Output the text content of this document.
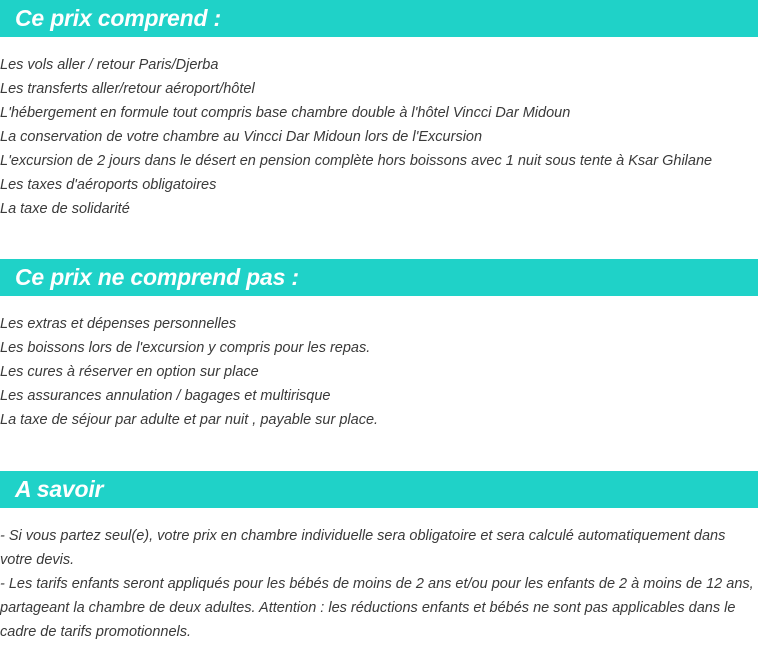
Ce prix comprend :
Les vols aller / retour Paris/Djerba
Les transferts aller/retour aéroport/hôtel
L'hébergement en formule tout compris base chambre double à l'hôtel Vincci Dar Midoun
La conservation de votre chambre au Vincci Dar Midoun lors de l'Excursion
L'excursion de 2 jours dans le désert en pension complète hors boissons avec 1 nuit sous tente à Ksar Ghilane
Les taxes d'aéroports obligatoires
La taxe de solidarité
Ce prix ne comprend pas :
Les extras et dépenses personnelles
Les boissons lors de l'excursion y compris pour les repas.
Les cures à réserver en option sur place
Les assurances annulation / bagages et multirisque
La taxe de séjour par adulte et par nuit , payable sur place.
A savoir

- Si vous partez seul(e), votre prix en chambre individuelle sera obligatoire et sera calculé automatiquement dans votre devis.

- Les tarifs enfants seront appliqués pour les bébés de moins de 2 ans et/ou pour les enfants de 2 à moins de 12 ans, partageant la chambre de deux adultes. Attention : les réductions enfants et bébés ne sont pas applicables dans le cadre de tarifs promotionnels.
